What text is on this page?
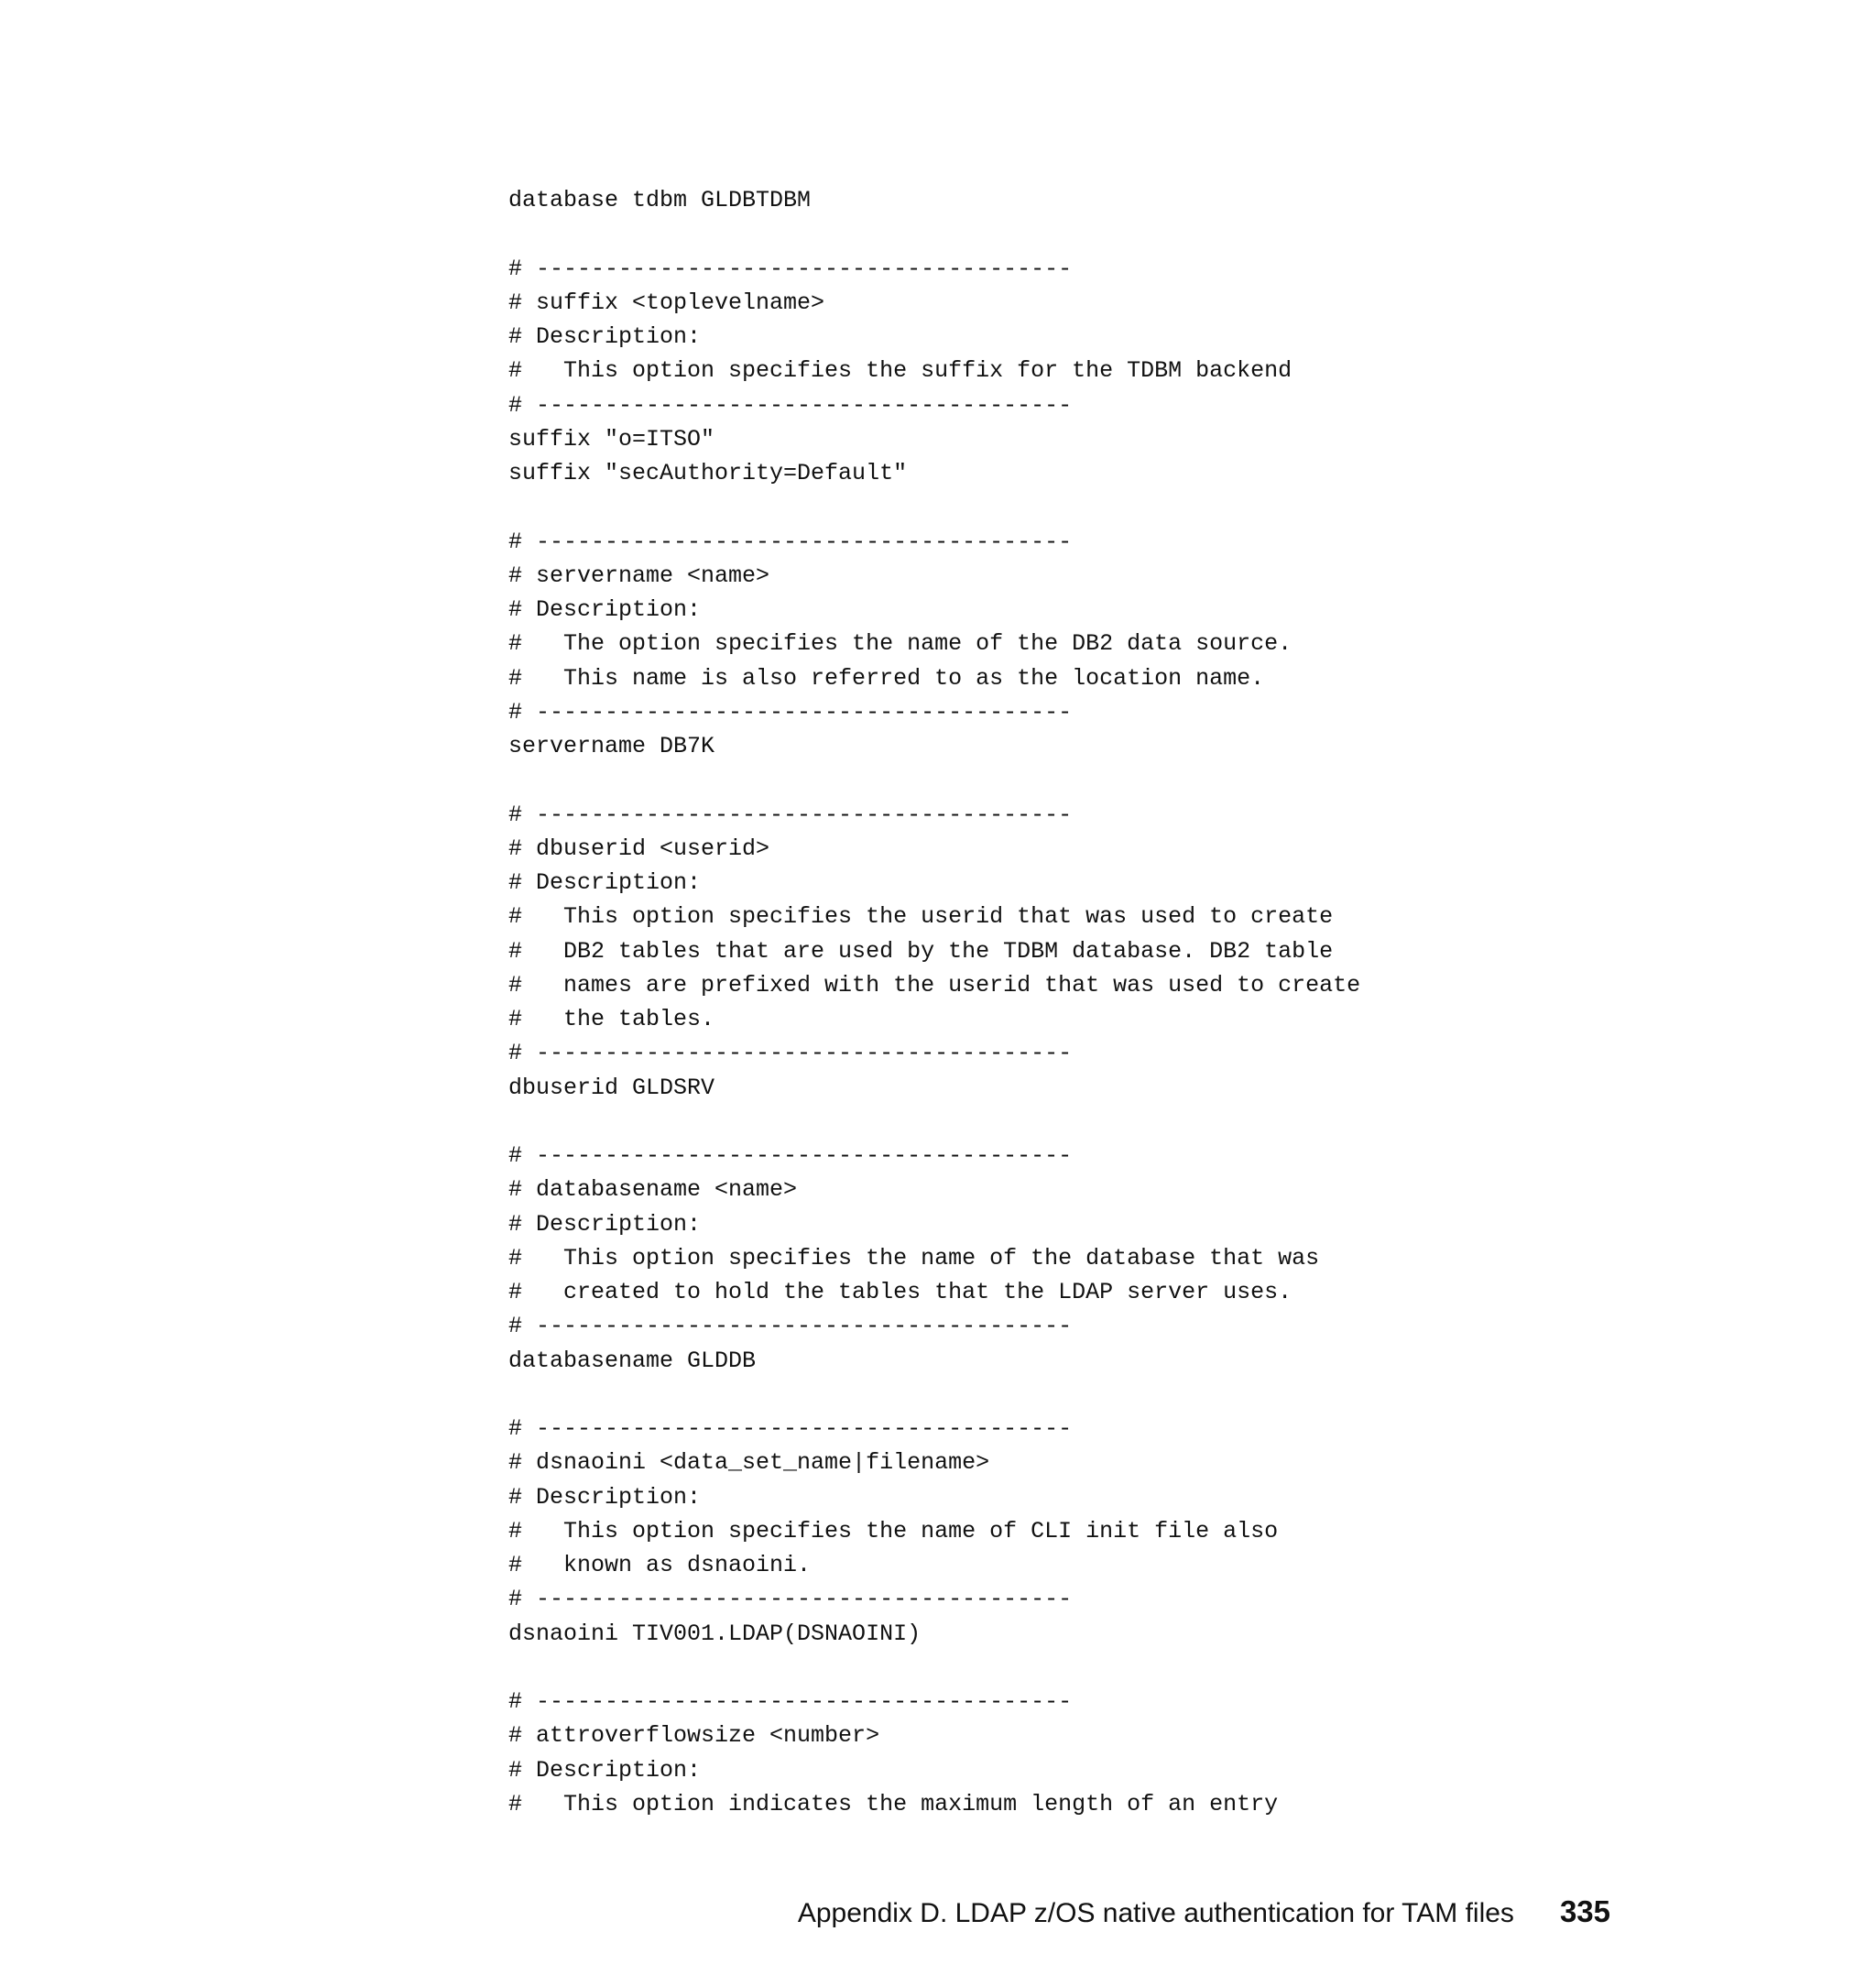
database tdbm GLDBTDBM
# ---------------------------------------
# suffix <toplevelname>
# Description:
#   This option specifies the suffix for the TDBM backend
# ---------------------------------------
suffix "o=ITSO"
suffix "secAuthority=Default"
# ---------------------------------------
# servername <name>
# Description:
#   The option specifies the name of the DB2 data source.
#   This name is also referred to as the location name.
# ---------------------------------------
servername DB7K
# ---------------------------------------
# dbuserid <userid>
# Description:
#   This option specifies the userid that was used to create
#   DB2 tables that are used by the TDBM database. DB2 table
#   names are prefixed with the userid that was used to create
#   the tables.
# ---------------------------------------
dbuserid GLDSRV
# ---------------------------------------
# databasename <name>
# Description:
#   This option specifies the name of the database that was
#   created to hold the tables that the LDAP server uses.
# ---------------------------------------
databasename GLDDB
# ---------------------------------------
# dsnaoini <data_set_name|filename>
# Description:
#   This option specifies the name of CLI init file also
#   known as dsnaoini.
# ---------------------------------------
dsnaoini TIV001.LDAP(DSNAOINI)
# ---------------------------------------
# attroverflowsize <number>
# Description:
#   This option indicates the maximum length of an entry
Appendix D. LDAP z/OS native authentication for TAM files 335
